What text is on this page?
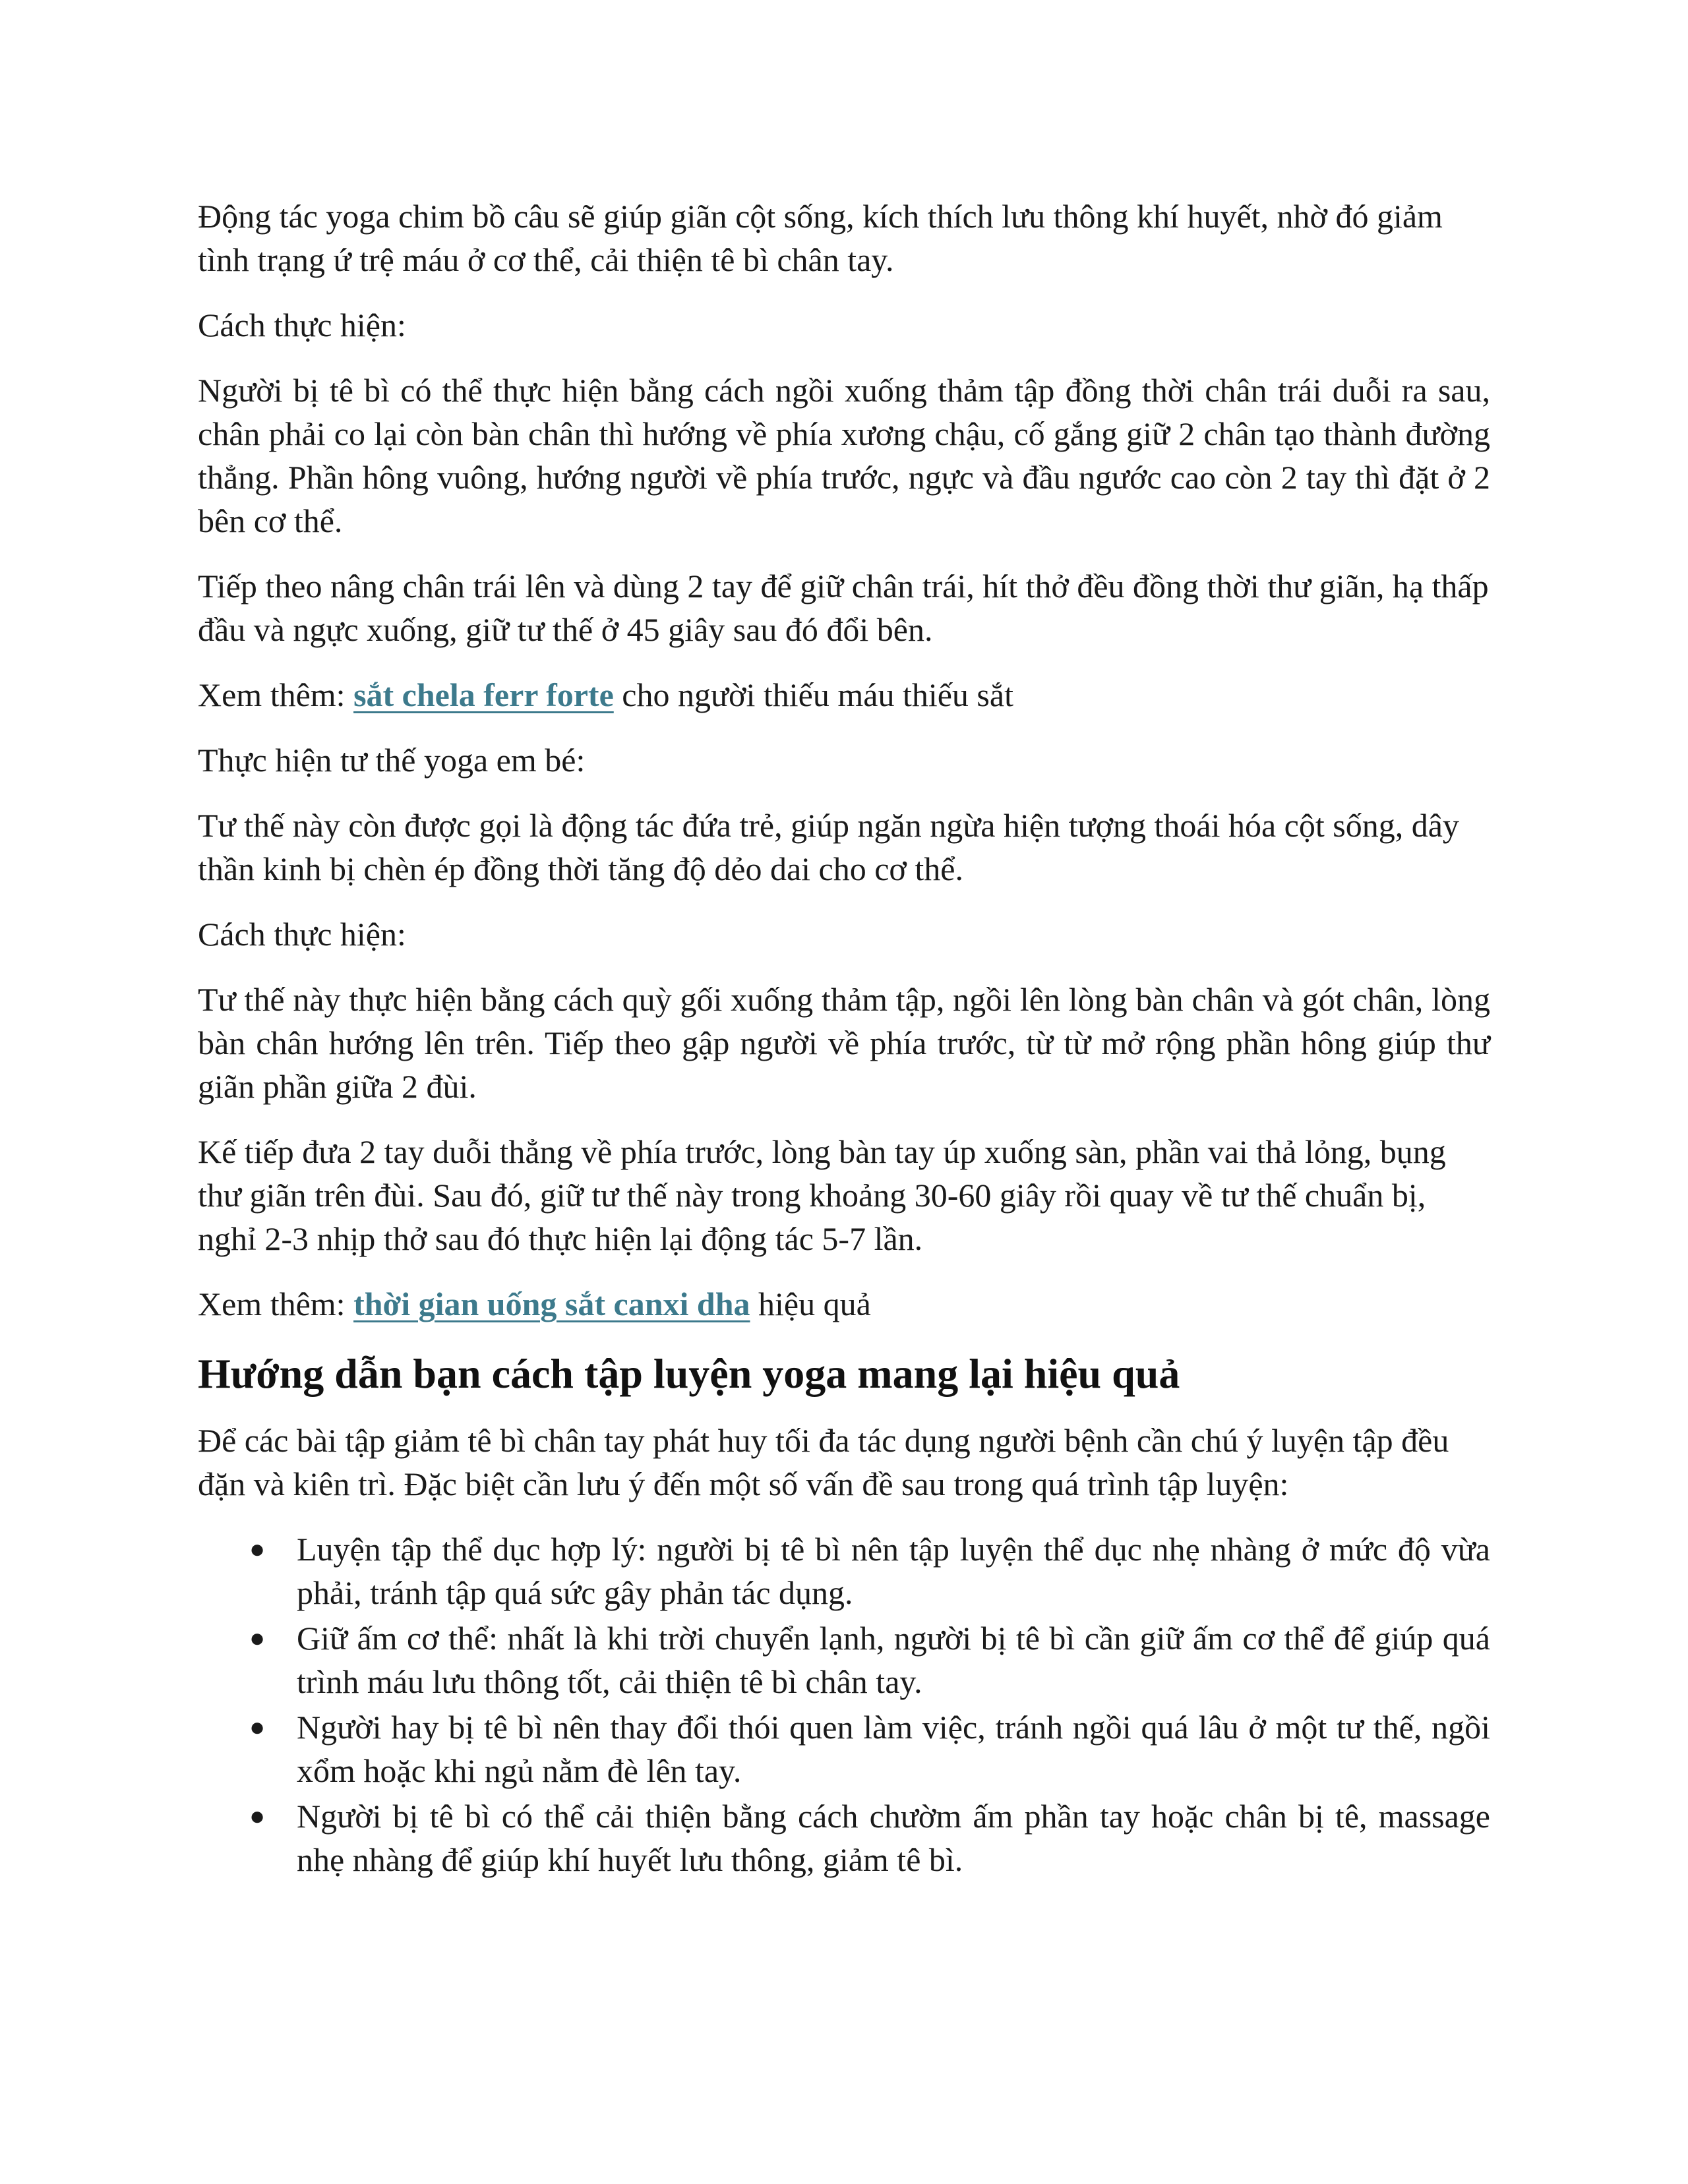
Động tác yoga chim bồ câu sẽ giúp giãn cột sống, kích thích lưu thông khí huyết, nhờ đó giảm tình trạng ứ trệ máu ở cơ thể, cải thiện tê bì chân tay.

Cách thực hiện:

Người bị tê bì có thể thực hiện bằng cách ngồi xuống thảm tập đồng thời chân trái duỗi ra sau, chân phải co lại còn bàn chân thì hướng về phía xương chậu, cố gắng giữ 2 chân tạo thành đường thẳng. Phần hông vuông, hướng người về phía trước, ngực và đầu ngước cao còn 2 tay thì đặt ở 2 bên cơ thể.

Tiếp theo nâng chân trái lên và dùng 2 tay để giữ chân trái, hít thở đều đồng thời thư giãn, hạ thấp đầu và ngực xuống, giữ tư thế ở 45 giây sau đó đổi bên.

Xem thêm: sắt chela ferr forte cho người thiếu máu thiếu sắt

Thực hiện tư thế yoga em bé:

Tư thế này còn được gọi là động tác đứa trẻ, giúp ngăn ngừa hiện tượng thoái hóa cột sống, dây thần kinh bị chèn ép đồng thời tăng độ dẻo dai cho cơ thể.

Cách thực hiện:

Tư thế này thực hiện bằng cách quỳ gối xuống thảm tập, ngồi lên lòng bàn chân và gót chân, lòng bàn chân hướng lên trên. Tiếp theo gập người về phía trước, từ từ mở rộng phần hông giúp thư giãn phần giữa 2 đùi.

Kế tiếp đưa 2 tay duỗi thẳng về phía trước, lòng bàn tay úp xuống sàn, phần vai thả lỏng, bụng thư giãn trên đùi. Sau đó, giữ tư thế này trong khoảng 30-60 giây rồi quay về tư thế chuẩn bị, nghỉ 2-3 nhịp thở sau đó thực hiện lại động tác 5-7 lần.

Xem thêm: thời gian uống sắt canxi dha hiệu quả

Hướng dẫn bạn cách tập luyện yoga mang lại hiệu quả

Để các bài tập giảm tê bì chân tay phát huy tối đa tác dụng người bệnh cần chú ý luyện tập đều đặn và kiên trì. Đặc biệt cần lưu ý đến một số vấn đề sau trong quá trình tập luyện:

● Luyện tập thể dục hợp lý: người bị tê bì nên tập luyện thể dục nhẹ nhàng ở mức độ vừa phải, tránh tập quá sức gây phản tác dụng.
● Giữ ấm cơ thể: nhất là khi trời chuyển lạnh, người bị tê bì cần giữ ấm cơ thể để giúp quá trình máu lưu thông tốt, cải thiện tê bì chân tay.
● Người hay bị tê bì nên thay đổi thói quen làm việc, tránh ngồi quá lâu ở một tư thế, ngồi xổm hoặc khi ngủ nằm đè lên tay.
● Người bị tê bì có thể cải thiện bằng cách chườm ấm phần tay hoặc chân bị tê, massage nhẹ nhàng để giúp khí huyết lưu thông, giảm tê bì.
